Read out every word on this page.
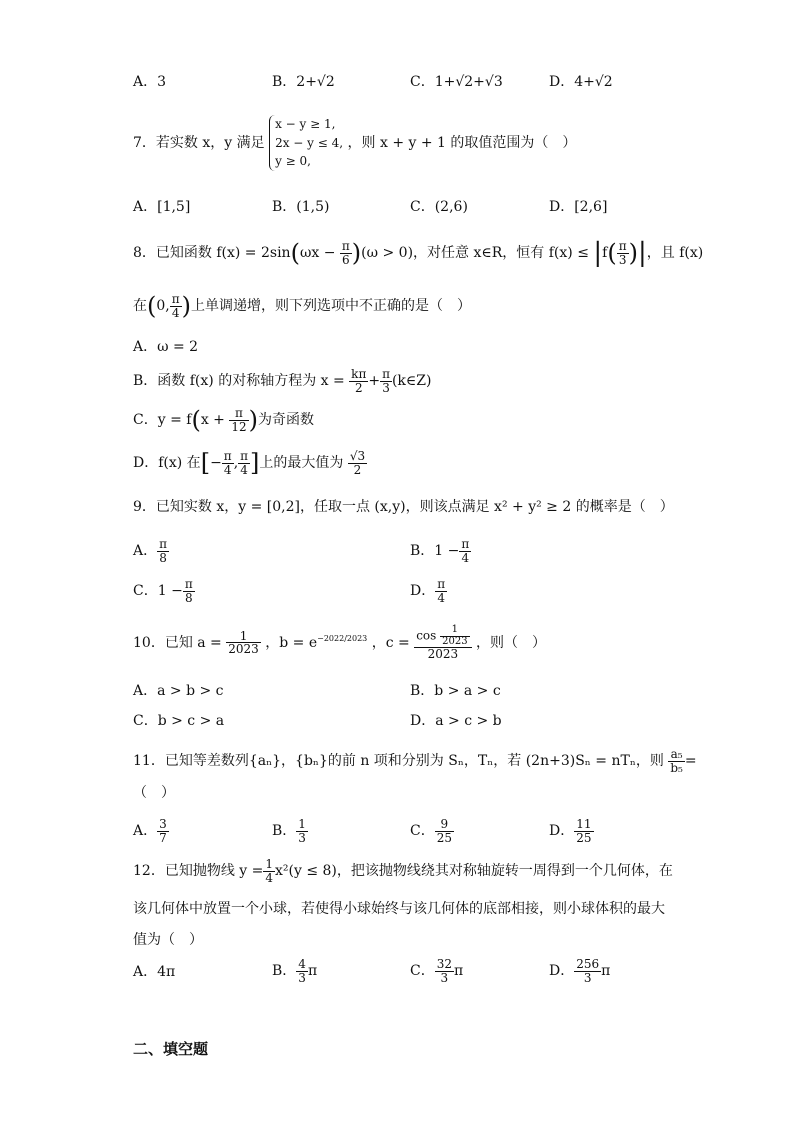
A．3	B．2+√2	C．1+√2+√3	D．4+√2
7．若实数 x，y 满足
x − y ≥ 1,
2x − y ≤ 4,
y ≥ 0,
，则 x + y + 1 的取值范围为（　）
A．[1,5]	B．(1,5)	C．(2,6)	D．[2,6]
8．已知函数 $f(x) = 2\sin(\omega x - \frac{\pi}{6} )(\omega > 0)$，对任意 x∈R，恒有 $f(x) \le |f( \frac{\pi}{3}$ )|，且 f(x)
在(0, $\frac{\pi}{4}$ )上单调递增，则下列选项中不正确的是（　）
A．ω = 2
B．函数 f(x) 的对称轴方程为 $x = \frac{k\pi}{2} + \frac{\pi}{3}$ (k∈Z)
C．$y = f(x + \frac{\pi}{12}$ )为奇函数
D．f(x) 在[− $\frac{\pi}{4}$ , $\frac{\pi}{4}$ ]上的最大值为 $\frac{√3}{2}$
9．已知实数 x，y = [0,2]，任取一点 (x,y)，则该点满足 x² + y² ≥ 2 的概率是（　）
A． $\frac{\pi}{8}$	B．$1 - \frac{\pi}{4}$
C．$1 - \frac{\pi}{8}$	D． $\frac{\pi}{4}$
10．已知 $a = \frac{1}{2023}$ ，$b = e^{-2022/2023}$ ，$c = \frac{\cos \frac{1}{2023}}{2023}$ ，则（　）
A．a > b > c	B．b > a > c
C．b > c > a	D．a > c > b
11．已知等差数列{aₙ}，{bₙ}的前 n 项和分别为 Sₙ，Tₙ，若 (2n+3)Sₙ = nTₙ，则 $\frac{\text{a₅}}{\text{b₅}}$ =
（　）
A． $\frac{3}{7}$	B． $\frac{1}{3}$	C． $\frac{9}{25}$	D． $\frac{11}{25}$
12．已知抛物线 $y = \frac{1}{4} x^2(y \le 8)$，把该抛物线绕其对称轴旋转一周得到一个几何体，在
该几何体中放置一个小球，若使得小球始终与该几何体的底部相接，则小球体积的最大
值为（　）
A．4π	B． $\frac{4}{3}$ π	C． $\frac{32}{3}$ π	D． $\frac{256}{3}$ π
二、填空题
